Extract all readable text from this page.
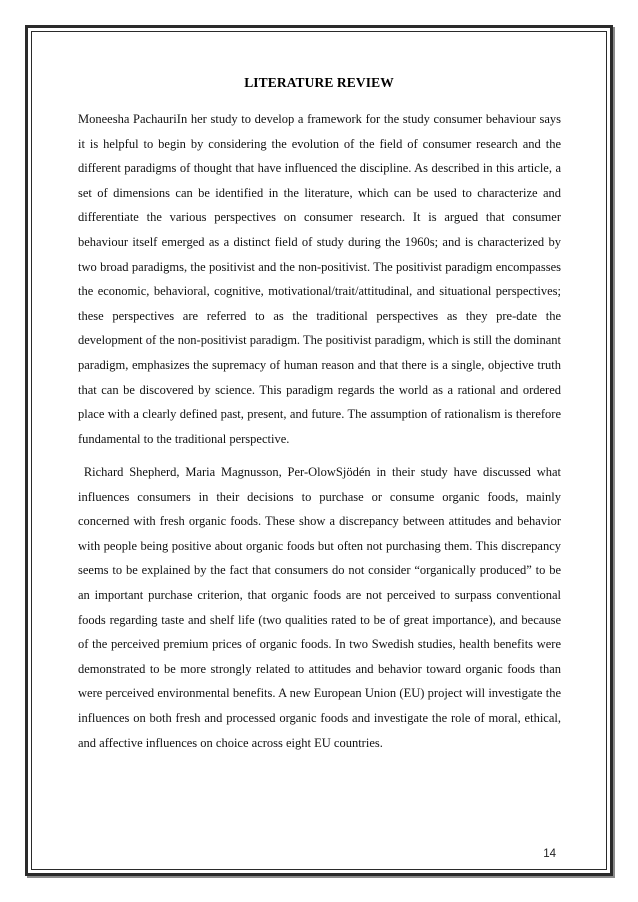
LITERATURE REVIEW

Moneesha PachauriIn her study to develop a framework for the study consumer behaviour says it is helpful to begin by considering the evolution of the field of consumer research and the different paradigms of thought that have influenced the discipline. As described in this article, a set of dimensions can be identified in the literature, which can be used to characterize and differentiate the various perspectives on consumer research. It is argued that consumer behaviour itself emerged as a distinct field of study during the 1960s; and is characterized by two broad paradigms, the positivist and the non-positivist. The positivist paradigm encompasses the economic, behavioral, cognitive, motivational/trait/attitudinal, and situational perspectives; these perspectives are referred to as the traditional perspectives as they pre-date the development of the non-positivist paradigm. The positivist paradigm, which is still the dominant paradigm, emphasizes the supremacy of human reason and that there is a single, objective truth that can be discovered by science. This paradigm regards the world as a rational and ordered place with a clearly defined past, present, and future. The assumption of rationalism is therefore fundamental to the traditional perspective.

Richard Shepherd, Maria Magnusson, Per-OlowSjödén in their study have discussed what influences consumers in their decisions to purchase or consume organic foods, mainly concerned with fresh organic foods. These show a discrepancy between attitudes and behavior with people being positive about organic foods but often not purchasing them. This discrepancy seems to be explained by the fact that consumers do not consider “organically produced” to be an important purchase criterion, that organic foods are not perceived to surpass conventional foods regarding taste and shelf life (two qualities rated to be of great importance), and because of the perceived premium prices of organic foods. In two Swedish studies, health benefits were demonstrated to be more strongly related to attitudes and behavior toward organic foods than were perceived environmental benefits. A new European Union (EU) project will investigate the influences on both fresh and processed organic foods and investigate the role of moral, ethical, and affective influences on choice across eight EU countries.

14
